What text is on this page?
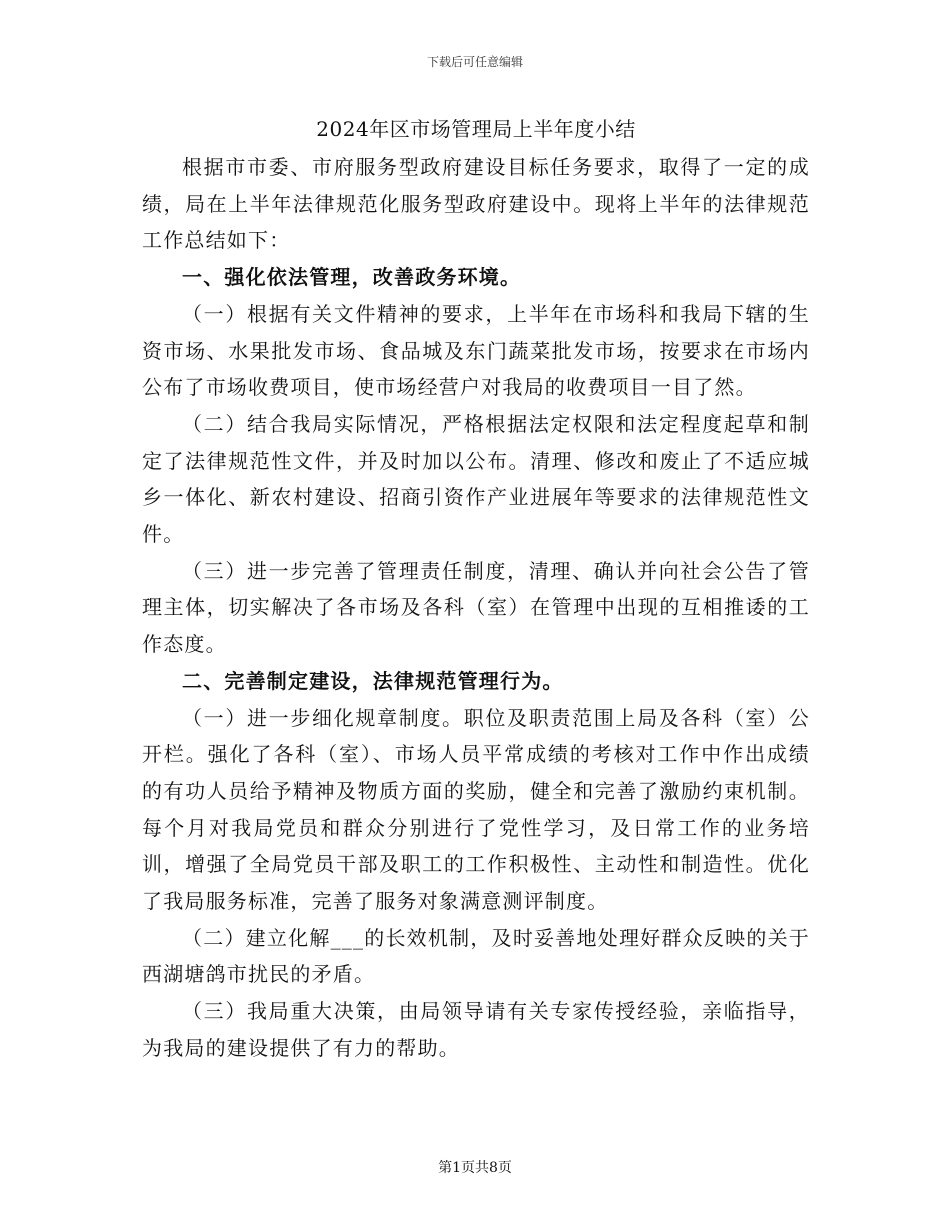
下载后可任意编辑
2024年区市场管理局上半年度小结

根据市市委、市府服务型政府建设目标任务要求，取得了一定的成绩，局在上半年法律规范化服务型政府建设中。现将上半年的法律规范工作总结如下：

一、强化依法管理，改善政务环境。

（一）根据有关文件精神的要求，上半年在市场科和我局下辖的生资市场、水果批发市场、食品城及东门蔬菜批发市场，按要求在市场内公布了市场收费项目，使市场经营户对我局的收费项目一目了然。

（二）结合我局实际情况，严格根据法定权限和法定程度起草和制定了法律规范性文件，并及时加以公布。清理、修改和废止了不适应城乡一体化、新农村建设、招商引资作产业进展年等要求的法律规范性文件。

（三）进一步完善了管理责任制度，清理、确认并向社会公告了管理主体，切实解决了各市场及各科（室）在管理中出现的互相推诿的工作态度。

二、完善制定建设，法律规范管理行为。

（一）进一步细化规章制度。职位及职责范围上局及各科（室）公开栏。强化了各科（室）、市场人员平常成绩的考核对工作中作出成绩的有功人员给予精神及物质方面的奖励，健全和完善了激励约束机制。每个月对我局党员和群众分别进行了党性学习，及日常工作的业务培训，增强了全局党员干部及职工的工作积极性、主动性和制造性。优化了我局服务标准，完善了服务对象满意测评制度。

（二）建立化解___的长效机制，及时妥善地处理好群众反映的关于西湖塘鸽市扰民的矛盾。

（三）我局重大决策，由局领导请有关专家传授经验，亲临指导，为我局的建设提供了有力的帮助。

第1页共8页
